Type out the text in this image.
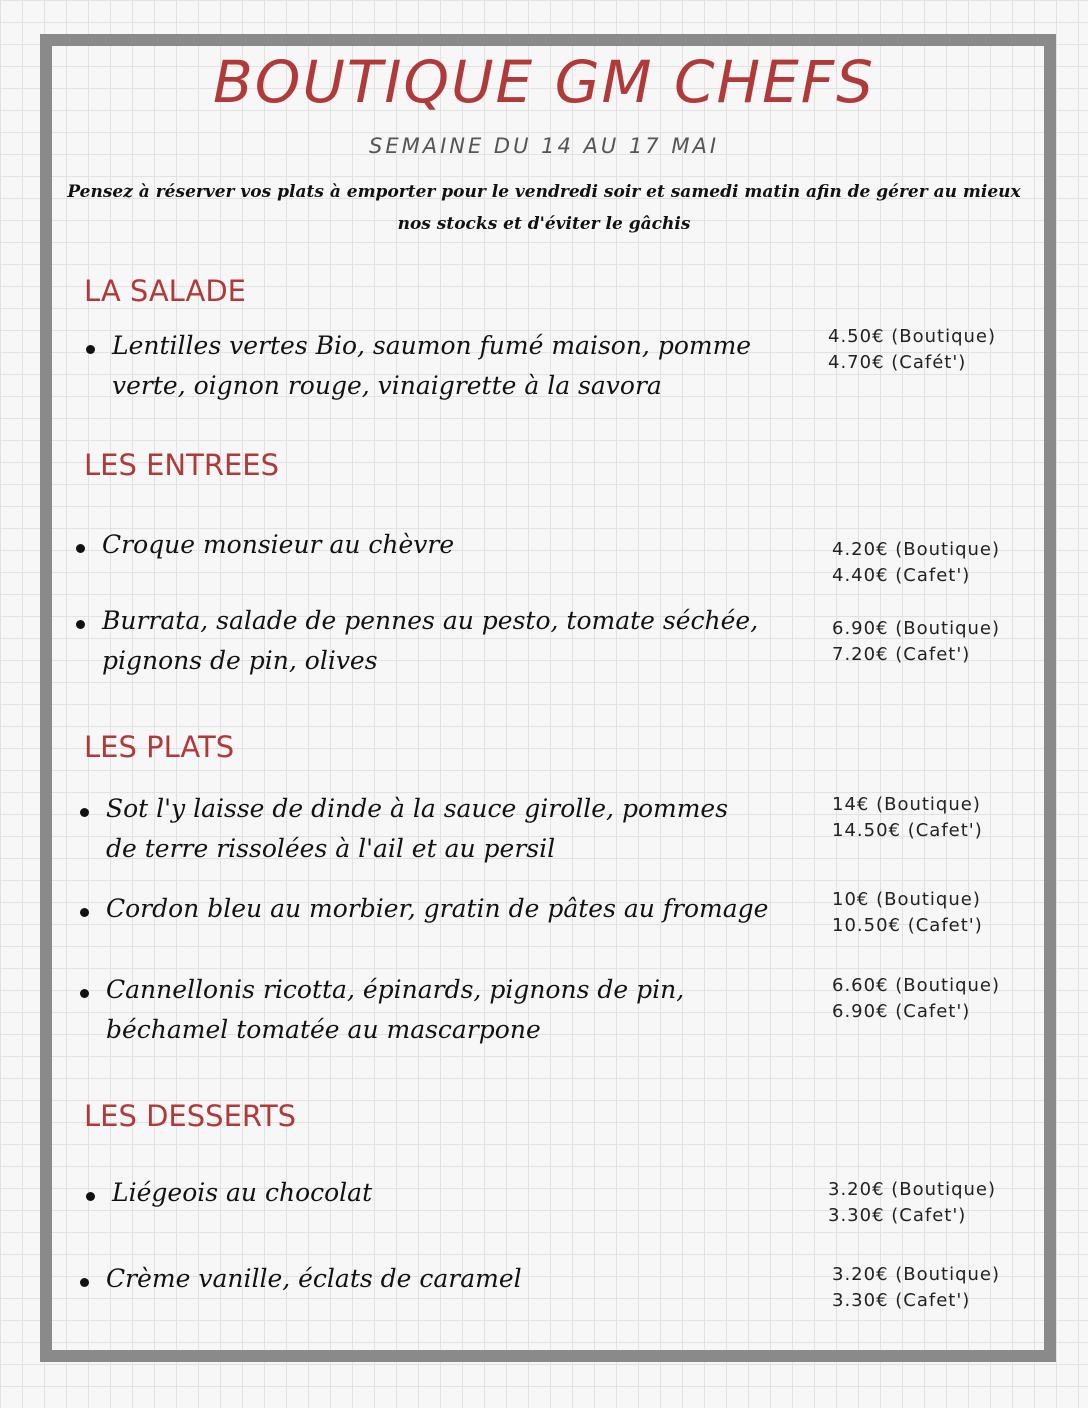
BOUTIQUE GM CHEFS
SEMAINE DU 14 AU 17 MAI
Pensez à réserver vos plats à emporter pour le vendredi soir et samedi matin afin de gérer au mieux nos stocks et d'éviter le gâchis
LA SALADE
Lentilles vertes Bio, saumon fumé maison, pomme verte, oignon rouge, vinaigrette à la savora
4.50€ (Boutique)
4.70€ (Cafét')
LES ENTREES
Croque monsieur au chèvre	4.20€ (Boutique)
4.40€ (Cafet')
Burrata, salade de pennes au pesto, tomate séchée, pignons de pin, olives
6.90€ (Boutique)
7.20€ (Cafet')
LES PLATS
Sot l'y laisse de dinde à la sauce girolle, pommes de terre rissolées à l'ail et au persil
14€ (Boutique)
14.50€ (Cafet')
Cordon bleu au morbier, gratin de pâtes au fromage	10€ (Boutique)
10.50€ (Cafet')
Cannellonis ricotta, épinards, pignons de pin, béchamel tomatée au mascarpone
6.60€ (Boutique)
6.90€ (Cafet')
LES DESSERTS
Liégeois au chocolat	3.20€ (Boutique)
3.30€ (Cafet')
Crème vanille, éclats de caramel	3.20€ (Boutique)
3.30€ (Cafet')
